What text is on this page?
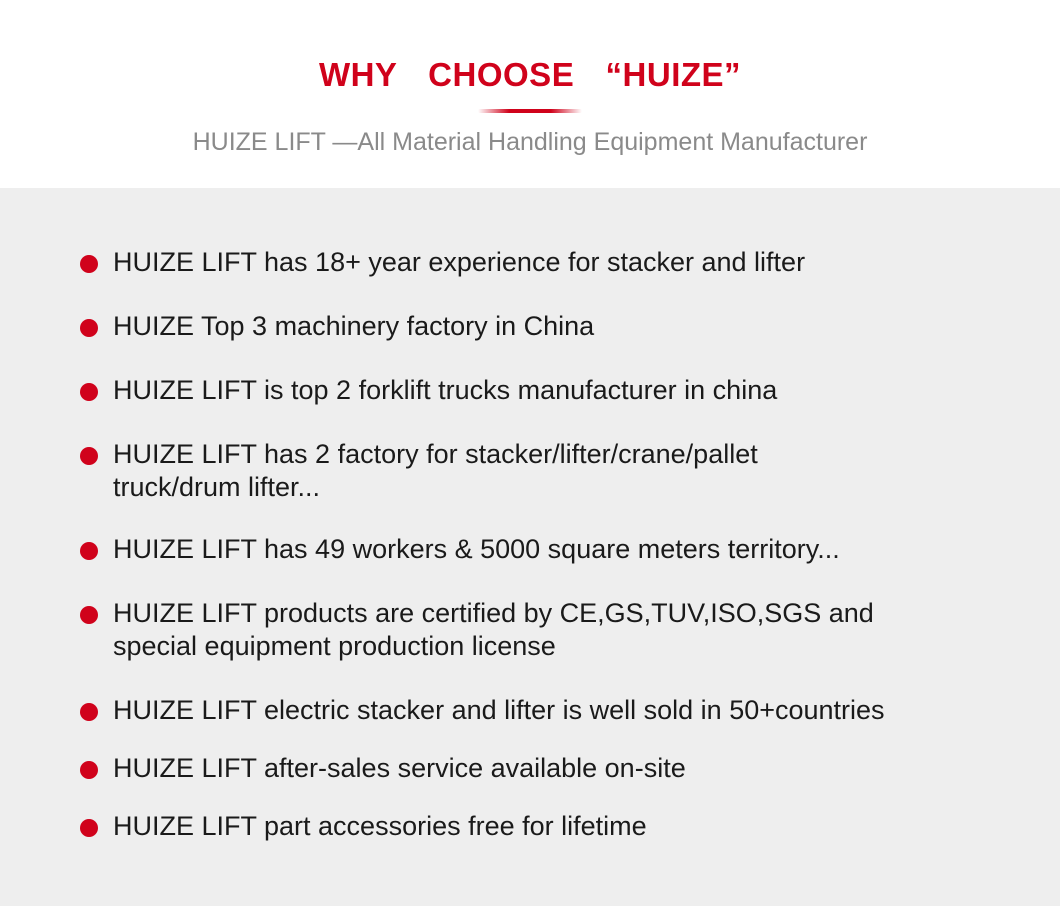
WHY  CHOOSE  “HUIZE”
HUIZE LIFT —All Material Handling Equipment Manufacturer
HUIZE LIFT has 18+ year experience for stacker and lifter
HUIZE Top 3 machinery factory in China
HUIZE LIFT is top 2 forklift trucks manufacturer in china
HUIZE LIFT has 2 factory for stacker/lifter/crane/pallet truck/drum lifter...
HUIZE LIFT has 49 workers & 5000 square meters territory...
HUIZE LIFT products are certified by CE,GS,TUV,ISO,SGS and special equipment production license
HUIZE LIFT electric stacker and lifter is well sold in 50+countries
HUIZE LIFT after-sales service available on-site
HUIZE LIFT part accessories free for lifetime
